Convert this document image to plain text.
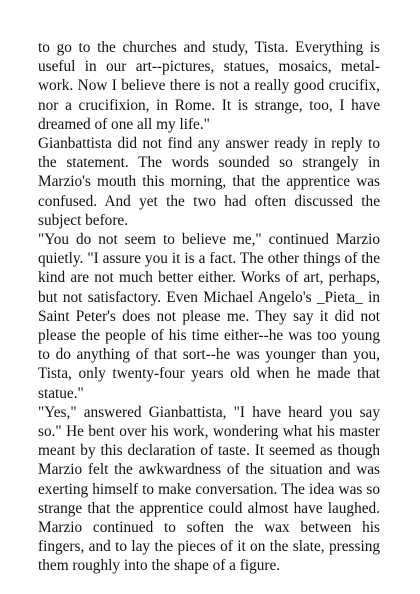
to go to the churches and study, Tista. Everything is useful in our art--pictures, statues, mosaics, metal-work. Now I believe there is not a really good crucifix, nor a crucifixion, in Rome. It is strange, too, I have dreamed of one all my life."

Gianbattista did not find any answer ready in reply to the statement. The words sounded so strangely in Marzio's mouth this morning, that the apprentice was confused. And yet the two had often discussed the subject before.

"You do not seem to believe me," continued Marzio quietly. "I assure you it is a fact. The other things of the kind are not much better either. Works of art, perhaps, but not satisfactory. Even Michael Angelo's _Pieta_ in Saint Peter's does not please me. They say it did not please the people of his time either--he was too young to do anything of that sort--he was younger than you, Tista, only twenty-four years old when he made that statue."

"Yes," answered Gianbattista, "I have heard you say so." He bent over his work, wondering what his master meant by this declaration of taste. It seemed as though Marzio felt the awkwardness of the situation and was exerting himself to make conversation. The idea was so strange that the apprentice could almost have laughed. Marzio continued to soften the wax between his fingers, and to lay the pieces of it on the slate, pressing them roughly into the shape of a figure.
